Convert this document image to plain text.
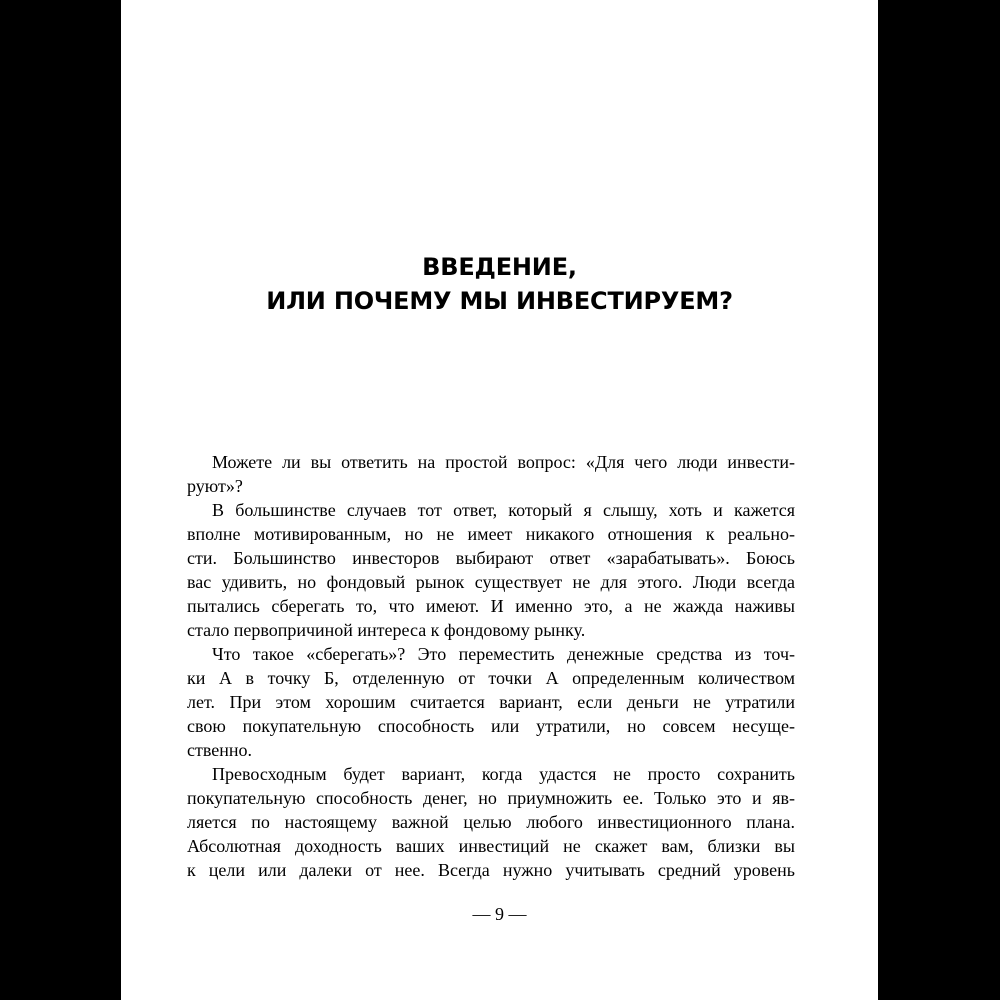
ВВЕДЕНИЕ,
ИЛИ ПОЧЕМУ МЫ ИНВЕСТИРУЕМ?

Можете ли вы ответить на простой вопрос: «Для чего люди инвести-
руют»?

В большинстве случаев тот ответ, который я слышу, хоть и кажется
вполне мотивированным, но не имеет никакого отношения к реально-
сти. Большинство инвесторов выбирают ответ «зарабатывать». Боюсь
вас удивить, но фондовый рынок существует не для этого. Люди всегда
пытались сберегать то, что имеют. И именно это, а не жажда наживы
стало первопричиной интереса к фондовому рынку.

Что такое «сберегать»? Это переместить денежные средства из точ-
ки А в точку Б, отделенную от точки А определенным количеством
лет. При этом хорошим считается вариант, если деньги не утратили
свою покупательную способность или утратили, но совсем несуще-
ственно.

Превосходным будет вариант, когда удастся не просто сохранить
покупательную способность денег, но приумножить ее. Только это и яв-
ляется по настоящему важной целью любого инвестиционного плана.
Абсолютная доходность ваших инвестиций не скажет вам, близки вы
к цели или далеки от нее. Всегда нужно учитывать средний уровень

— 9 —
